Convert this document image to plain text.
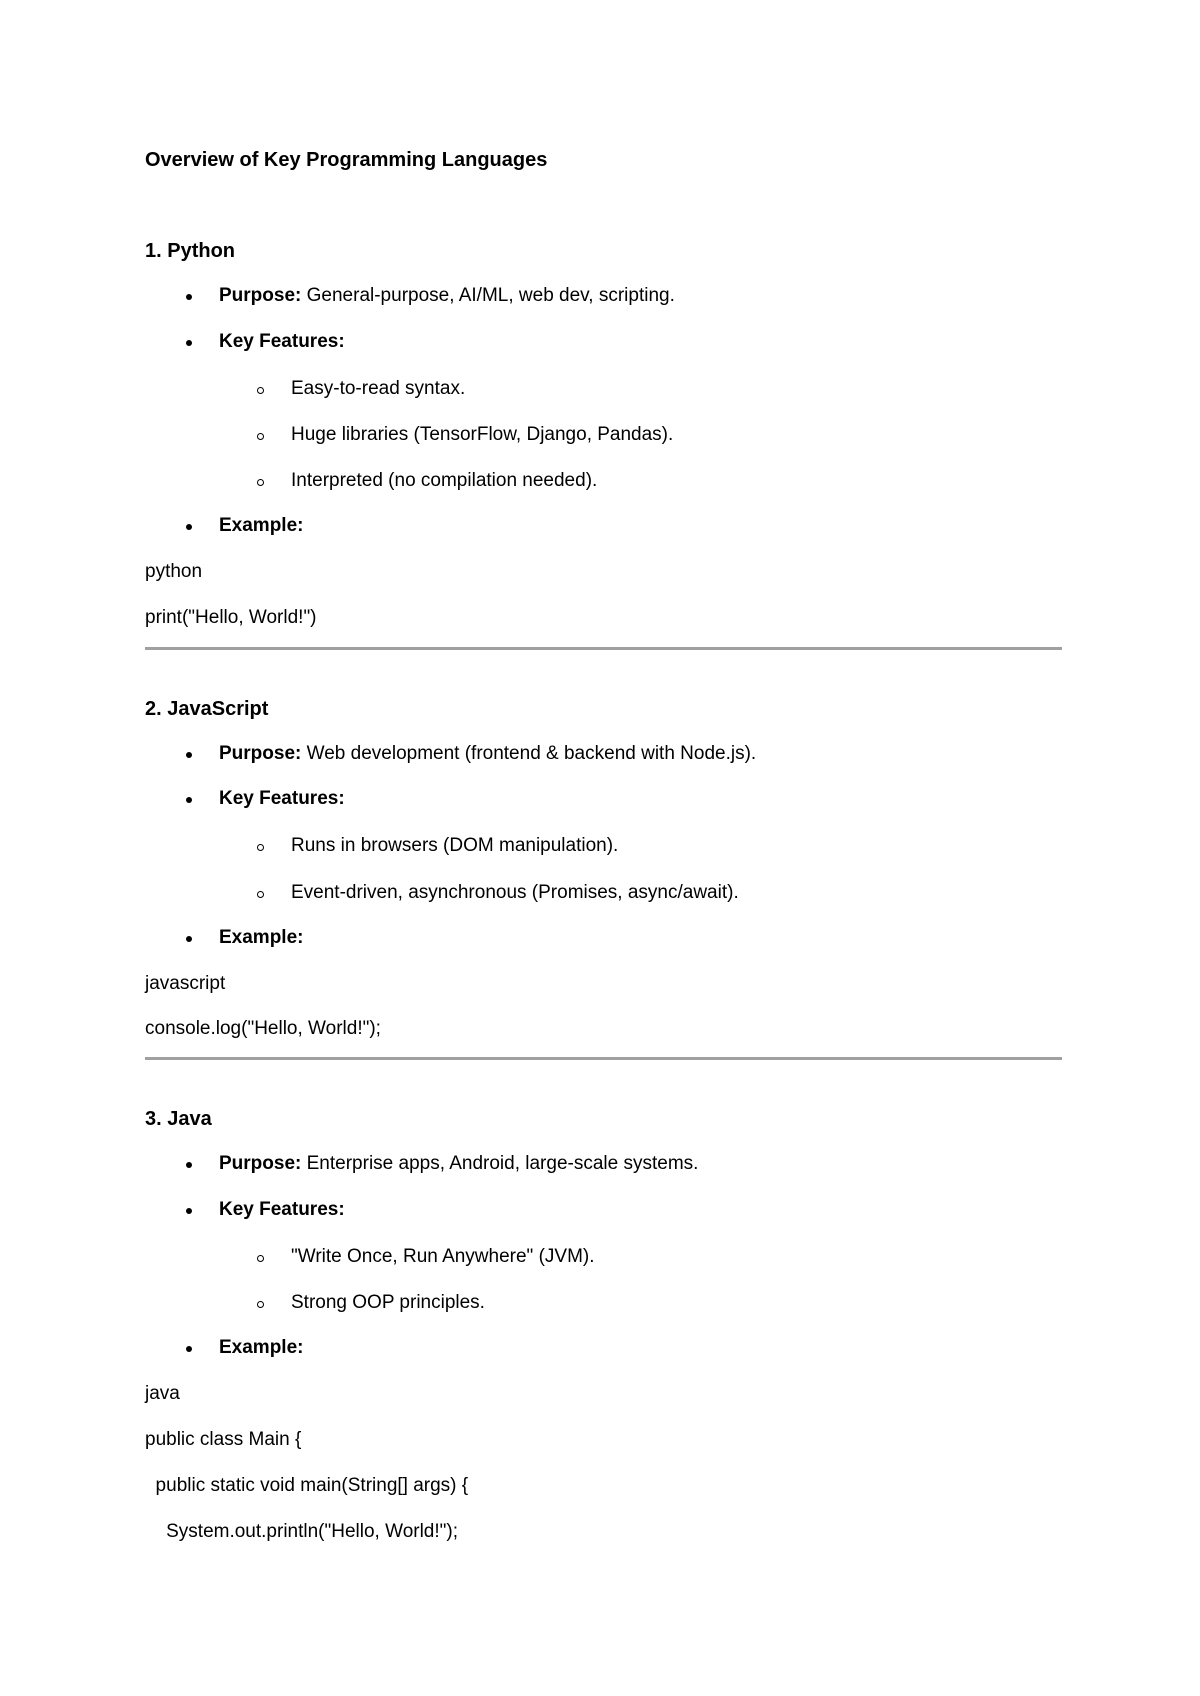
Overview of Key Programming Languages
1. Python
Purpose: General-purpose, AI/ML, web dev, scripting.
Key Features:
Easy-to-read syntax.
Huge libraries (TensorFlow, Django, Pandas).
Interpreted (no compilation needed).
Example:
python
print("Hello, World!")
2. JavaScript
Purpose: Web development (frontend & backend with Node.js).
Key Features:
Runs in browsers (DOM manipulation).
Event-driven, asynchronous (Promises, async/await).
Example:
javascript
console.log("Hello, World!");
3. Java
Purpose: Enterprise apps, Android, large-scale systems.
Key Features:
"Write Once, Run Anywhere" (JVM).
Strong OOP principles.
Example:
java
public class Main {
public static void main(String[] args) {
System.out.println("Hello, World!");
